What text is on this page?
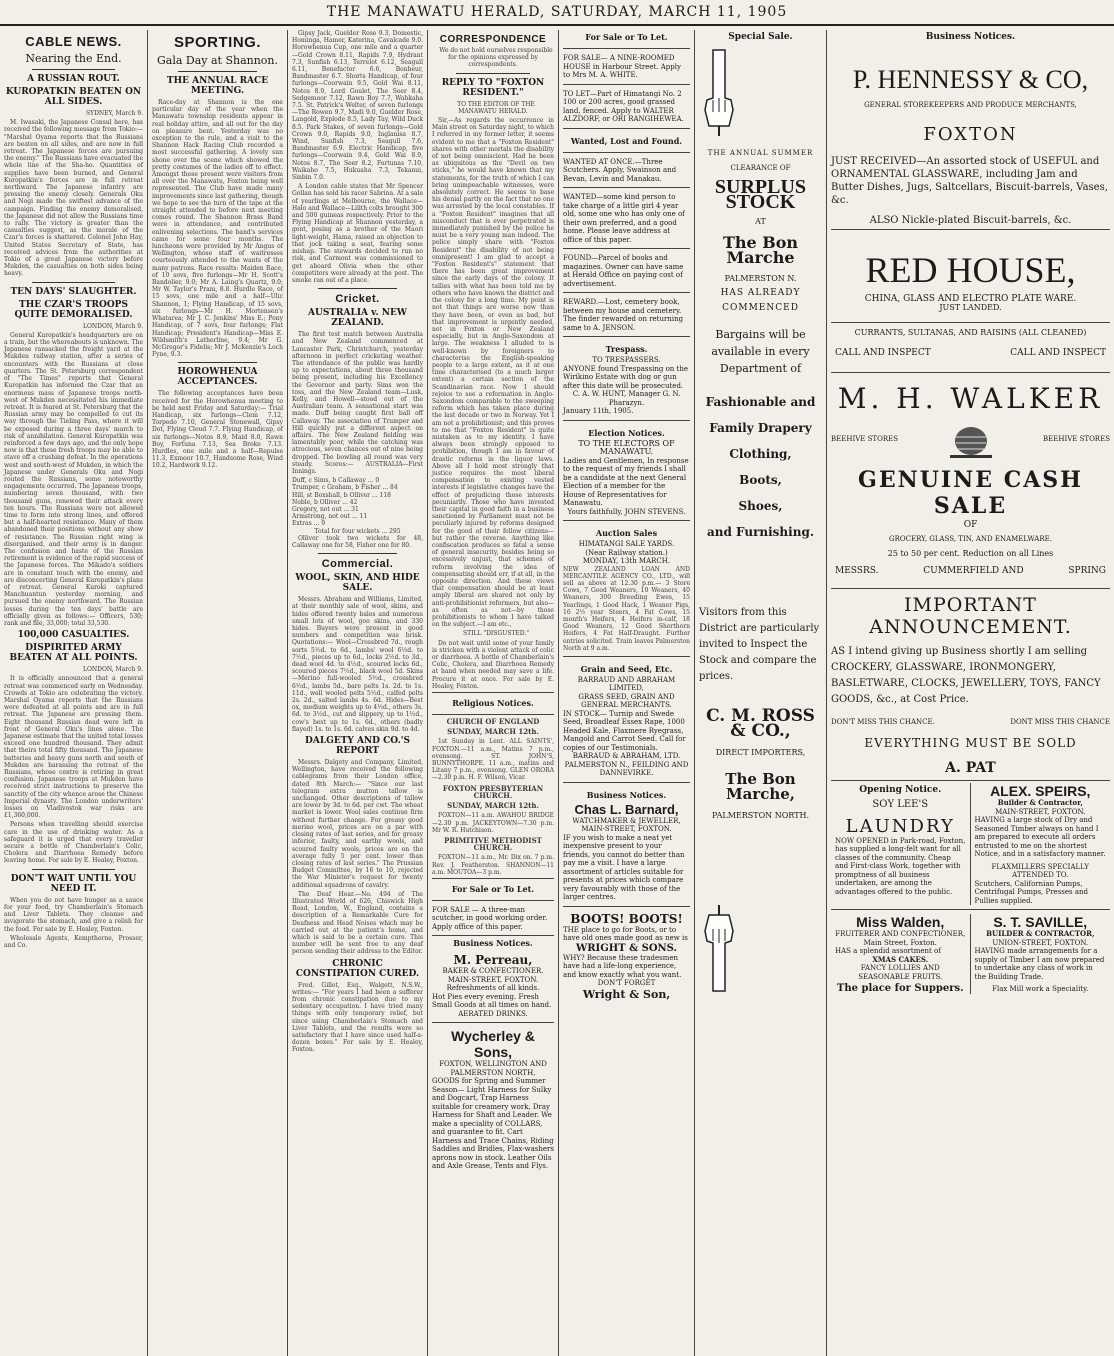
THE MANAWATU HERALD, SATURDAY, MARCH 11, 1905
CABLE NEWS.
Nearing the End.
A RUSSIAN ROUT.
KUROPATKIN BEATEN ON ALL SIDES.

SYDNEY, March 9.

M. Iwasaki, the Japanese Consul here, has received the following message from Tokio:— "Marshal Oyama reports that the Russians are beaten on all sides, and are now in full retreat. The Japanese forces are pursuing the enemy." The Russians have evacuated the whole line of the Sha-ho. Quantities of supplies have been burned, and General Kuropatkin's forces are in full retreat northward. The Japanese infantry are pressing the enemy closely. Generals Oku and Nogi made the swiftest advance of the campaign. Finding the enemy demoralised, the Japanese did not allow the Russians time to rally. The victory is greater than the casualties suggest, as the morale of the Czar's forces is shattered. Colonel John Hay, United States Secretary of State, has received advices from the authorities at Tokio of a great Japanese victory before Mukden, the casualties on both sides being heavy.

TEN DAYS' SLAUGHTER.
THE CZAR'S TROOPS QUITE DEMORALISED.

LONDON, March 9.

General Kuropatkin's headquarters are on a train, but the whereabouts is unknown. The Japanese ransacked the freight yard at the Mukden railway station, after a series of encounters with the Russians at close quarters. The St. Petersburg correspondent of "The Times" reports that General Kuropatkin has informed the Czar that an enormous mass of Japanese troops north-west of Mukden necessitated his immediate retreat. It is feared at St. Petersburg that the Russian army may be compelled to cut its way through the Tieling Pass, where it will be exposed during a three days' march to risk of annihilation. General Kuropatkin was reinforced a few days ago, and the only hope now is that these fresh troops may be able to stave off a crushing defeat. In the operations west and south-west of Mukden, in which the Japanese under Generals Oku and Nogi routed the Russians, some noteworthy engagements occurred. The Japanese troops, numbering seven thousand, with two thousand guns, renewed their attack every ten hours. The Russians were not allowed time to form into strong lines, and offered but a half-hearted resistance. Many of them abandoned their positions without any show of resistance. The Russian right wing is disorganised, and their army is in danger. The confusion and haste of the Russian retirement is evidence of the rapid success of the Japanese forces. The Mikado's soldiers are in constant touch with the enemy, and are disconcerting General Kuropatkin's plans of retreat. General Kuroki captured Manchuantun yesterday morning, and pursued the enemy northward. The Russian losses during the ten days' battle are officially given as follows:— Officers, 530; rank and file, 33,000; total 33,530.

100,000 CASUALTIES.
DISPIRITED ARMY BEATEN AT ALL POINTS.

LONDON, March 9.

It is officially announced that a general retreat was commenced early on Wednesday. Crowds at Tokio are celebrating the victory. Marshal Oyama reports that the Russians were defeated at all points and are in full retreat. The Japanese are pressing them. Eight thousand Russian dead were left in front of General Oku's lines alone. The Japanese estimate that the united total losses exceed one hundred thousand. They admit that theirs total fifty thousand. The Japanese batteries and heavy guns north and south of Mukden are harassing the retreat of the Russians, whose centre is retiring in great confusion. Japanese troops at Mukden have received strict instructions to preserve the sanctity of the city whence arose the Chinese Imperial dynasty. The London underwriters' losses on Vladivostok war risks are £1,360,000.

Persons when travelling should exercise care in the use of drinking water. As a safeguard it is urged that every traveller secure a bottle of Chamberlain's Colic, Cholera and Diarrhoea Remedy before leaving home. For sale by E. Healey, Foxton.

DON'T WAIT UNTIL YOU NEED IT.

When you do not have hunger as a sauce for your food, try Chamberlain's Stomach and Liver Tablets. They cleanse and invigorate the stomach, and give a relish for the food. For sale by E. Healey, Foxton.

Wholesale Agents, Kempthorne, Prosser, and Co.

SPORTING.
Gala Day at Shannon.
THE ANNUAL RACE MEETING.

Race-day at Shannon is the one particular day of the year when the Manawatu township residents appear in real holiday attire, and all out for the day on pleasure bent. Yesterday was no exception to the rule, and a visit to the Shannon Hack Racing Club recorded a most successful gathering. A lovely sun shone over the scene which showed the pretty costumes of the ladies off to effect. Amongst those present were visitors from all over the Manawatu, Foxton being well represented. The Club have made many improvements since last gathering, though we hope to see the turn of the tape at the straight attended to before next meeting comes round. The Shannon Brass Band were in attendance, and contributed enlivening selections. The band's services came for some four months. The luncheons were provided by Mr Angus of Wellington, whose staff of waitresses courteously attended to the wants of the many patrons. Race results: Maiden Race, of 10 sovs, five furlongs—Mr H. Scott's Bandolier, 9.0; Mr A. Laing's Quartz, 9.0; Mr W. Taylor's Pram, 8.8. Hurdle Race, of 15 sovs, one mile and a half—Ulic Shannon, 1; Flying Handicap, of 15 sovs, six furlongs—Mr H. Mortensen's Whatarea; Mr J. C. Jenkins' Miss E.; Pony Handicap, of 7 sovs, four furlongs; Flat Handicap; President's Handicap—Miss E. Wildsmith's Latherline, 9.4; Mr G. McGregor's Fidelis; Mr J. McKenzie's Loch Fyne, 9.3.

HOROWHENUA ACCEPTANCES.

The following acceptances have been received for the Horowhenua meeting to be held next Friday and Saturday:— Trial Handicap, six furlongs—Clem 7.12, Torpedo 7.10, General Stonewall, Gipsy Dot, Flying Cloud 7.7. Flying Handicap, of six furlongs—Notos 8.9, Maid 8.0, Rawn Boy, Fortuna 7.13, Sea Broke 7.13. Hurdles, one mile and a half—Repulse 11.3, Exmoor 10.7, Handsome Rose, Wind 10.2, Hardwork 9.12.

Gipsy Jack, Guelder Rose 9.3, Domestic, Hominga, Hamer, Katerina, Cavalcade 9.0. Horowhenua Cup, one mile and a quarter—Gold Crown 8.11, Rapids 7.9, Hydrant 7.3, Sunfish 6.13, Terrelot 6.12, Seagull 6.11, Benefactor 6.6, Bonheur, Bandmaster 6.7. Shorts Handicap, of four furlongs—Coorwain 9.5, Gold Wai 8.11, Notos 8.9, Lord Goulet, The Seer 8.4, Sedgemoor 7.12, Rawn Boy 7.7, Wahkaha 7.5. St. Patrick's Welter, of seven furlongs—The Rowen 9.7, Madi 9.0, Guelder Rose, Langold, Explode 8.5, Lady Tay, Wild Duck 8.5. Park Stakes, of seven furlongs—Gold Crown 9.0, Rapids 9.0, Inglanisa 8.7, Wind, Sunfish 7.3, Seagull 7.6, Bandmaster 6.9. Electric Handicap, five furlongs—Coorwain 9.4, Gold Wai 8.9, Notos 8.7, The Seer 8.2, Fortunas 7.10, Waikaho 7.5, Hukuaha 7.3, Tekanui, Sinbin 7.0.

A London cable states that Mr Spencer Gollan has sold his racer Sabrina. At a sale of yearlings at Melbourne, the Wallace—Halo and Wallace—Lilith colts brought 300 and 500 guineas respectively. Prior to the Flying Handicap at Shannon yesterday, a gent, posing as a brother of the Maori light-weight, Hama, raised an objection to that jock taking a seat, fearing some mishap. The stewards decided to run no risk, and Carmont was commissioned to get aboard Olivia when the other competitors were already at the post. The smoke ran out of a place.

Cricket.
AUSTRALIA v. NEW ZEALAND.

The first test match between Australia and New Zealand commenced at Lancaster Park, Christchurch, yesterday afternoon in perfect cricketing weather. The attendance of the public was hardly up to expectations, about three thousand being present, including his Excellency the Governor and party. Sims won the toss, and the New Zealand team—Lusk, Kelly, and Howell—stood out of the Australian team. A sensational start was made. Duff being caught first ball off Callaway. The association of Trumper and Hill quickly put a different aspect on affairs. The New Zealand fielding was lamentably poor, while the catching was atrocious, seven chances out of nine being dropped. The bowling all round was very steady. Scores:— AUSTRALIA—First Innings.

Duff, c Sims, b Callaway ... 0
Trumper, c Graham, b Fisher ... 84
Hill, st Boxshall, b Olliver ... 118
Noble, b Olliver ... 42
Gregory, not out ... 31
Armstrong, not out ... 11
Extras ... 9
Total for four wickets ... 295

Olliver took two wickets for 48, Callaway one for 58, Fisher one for 80.

Commercial.
WOOL, SKIN, AND HIDE SALE.

Messrs. Abraham and Williams, Limited, at their monthly sale of wool, skins, and hides offered twenty bales and numerous small lots of wool, goo skins, and 330 hides. Buyers were present in good numbers and competition was brisk. Quotations:— Wool—Crossbred 7d., rough sorts 5½d. to 6d., lambs' wool 6½d. to 7½d., pieces up to 6d., locks 2½d. to 3d., dead wool 4d. to 4½d., scoured locks 6d., scoured pieces 7½d., black wool 5d. Skins—Merino full-wooled 5½d., crossbred 6½d., lambs 5d., bare pelts 1s. 2d. to 1s. 11d., well wooled pelts 5½d., calfed pelts 2s. 2d., salted lambs 4s. 6d. Hides—Best ox, medium weights up to 4½d., others 3s. 6d. to 3½d., cut and slippery, up to 1½d., cow's best up to 1s. 6d., others (badly flayed) 1s. to 1s. 6d. calves skin 9d. to 4d.

DALGETY AND CO.'S REPORT

Messrs. Dalgety and Company, Limited, Wellington, have received the following cablegrams from their London office, dated 8th March:— "Since our last telegram extra mutton tallow is unchanged. Other descriptions of tallow are lower by 3d. to 6d. per cwt. The wheat market is lower. Wool sales continue firm without further change. For greasy good merino wool, prices are on a par with closing rates of last series, and for greasy inferior, faulty, and earthy wools, and scoured faulty wools, prices are on the average fully 5 per cent. lower than closing rates of last series." The Prussian Budget Committee, by 16 to 10, rejected the War Minister's request for twenty additional squadrons of cavalry.

The Deaf Hear.—No. 494 of The Illustrated World of 626, Chiswick High Road, London, W., England, contains a description of a Remarkable Cure for Deafness and Head Noises which may be carried out at the patient's home, and which is said to be a certain cure. This number will be sent free to any deaf person sending their address to the Editor.

CHRONIC CONSTIPATION CURED.

Fred. Gillet, Esq., Walgett, N.S.W., writes:— "For years I had been a sufferer from chronic constipation due to my sedentary occupation. I have tried many things with only temporary relief, but since using Chamberlain's Stomach and Liver Tablets, and the results were so satisfactory that I have since used half-a-dozen boxes." For sale by E. Healey, Foxton.

CORRESPONDENCE

We do not hold ourselves responsible for the opinions expressed by correspondents.

REPLY TO "FOXTON RESIDENT."

TO THE EDITOR OF THE MANAWATU HERALD.

Sir,—As regards the occurrence in Main street on Saturday night, to which I referred in my former letter, it seems evident to me that a "Foxton Resident" shares with other mortals the disability of not being omniscient. Had he been as ubiquitous as the "Devil on two sticks," he would have known that my statements, for the truth of which I can bring unimpeachable witnesses, were absolutely correct. He seems to base his denial partly on the fact that no one was arrested by the local constables. If a "Foxton Resident" imagines that all misconduct that is ever perpetrated is immediately punished by the police he must be a very young man indeed. The police simply share with "Foxton Resident" the disability of not being omnipresent! I am glad to accept a "Foxton Resident's" statement that there has been great improvement since the early days of the colony. It tallies with what has been told me by others who have known the district and the colony for a long time. My point is not that things are worse now than they have been, or even as bad, but that improvement is urgently needed, not in Foxton or New Zealand especially, but in Anglo-Saxondom at large. The weakness I alluded to is well-known by foreigners to characterise the English-speaking people to a large extent, as it at one time characterised (to a much larger extent) a certain section of the Scandinavian race. Now I should rejoice to see a reformation in Anglo-Saxondom comparable to the sweeping reform which has taken place during the last decade or two in Norway. Yet I am not a prohibitionist; and this proves to me that "Foxton Resident" is quite mistaken as to my identity. I have always been strongly opposed to prohibition, though I am in favour of drastic reforms in the liquor laws. Above all I hold most strongly that justice requires the most liberal compensation to existing vested interests if legislative changes have the effect of prejudicing those interests pecuniarily. Those who have invested their capital in good faith in a business sanctioned by Parliament must not be peculiarly injured by reforms designed for the good of their fellow citizens—but rather the reverse. Anything like confiscation produces so fatal a sense of general insecurity, besides being so excessively unjust, that schemes of reform involving the idea of compensating should err, if at all, in the opposite direction. And these views that compensation should be at least amply liberal are shared not only by anti-prohibitionist reformers, but also—as often as not—by those prohibitionists to whom I have talked on the subject.—I am etc.,

STILL "DISGUSTED."

Do not wait until some of your family is stricken with a violent attack of colic or diarrhoea. A bottle of Chamberlain's Colic, Cholera, and Diarrhoea Remedy at hand when needed may save a life. Procure it at once. For sale by E. Healey, Foxton.

Religious Notices.
CHURCH OF ENGLAND
SUNDAY, MARCH 12th.

1st Sunday in Lent. ALL SAINTS', FOXTON.—11 a.m., Matins 7 p.m., evensong. ST. JOHN'S, BUNNYTHORPE. 11 a.m., matins and Litany 7 p.m., evensong. GLEN ORORA—2.30 p.m. H. F. Wilson, Vicar.

FOXTON PRESBYTERIAN CHURCH.
SUNDAY, MARCH 12th.

FOXTON—11 a.m. AWAHOU BRIDGE—2.30 p.m. JACKEYTOWN—7.30 p.m. Mr W. R. Hutchison.

PRIMITIVE METHODIST CHURCH.

FOXTON—11 a.m., Mr. Dix on. 7 p.m. Rev. J. Featherston. SHANNON—11 a.m. MOUTOA—3 p.m.

For Sale or To Let.
FOR SALE — A three-man scutcher, in good working order. Apply office of this paper.
Business Notices.
M. Perreau,
BAKER & CONFECTIONER.
MAIN-STREET, FOXTON.
Refreshments of all kinds.
Hot Pies every evening. Fresh Small Goods at all times on hand.
AERATED DRINKS.
Wycherley & Sons,
FOXTON, WELLINGTON AND PALMERSTON NORTH,
GOODS for Spring and Summer Season— Light Harness for Sulky and Dogcart, Trap Harness suitable for creamery work, Dray Harness for Shaft and Leader. We make a speciality of COLLARS, and guarantee to fit. Cart Harness and Trace Chains, Riding Saddles and Bridles, Flax-washers aprons now in stock. Leather Oils and Axle Grease, Tents and Flys.
For Sale or To Let.
FOR SALE— A NINE-ROOMED HOUSE in Harbour Street. Apply to Mrs M. A. WHITE.
TO LET—Part of Himatangi No. 2 100 or 200 acres, good grassed land, fenced. Apply to WALTER ALZDORF, or ORI RANGIHEWEA.
Wanted, Lost and Found.
WANTED AT ONCE.—Three Scutchers. Apply, Swainson and Bevan, Levin and Manakau.
WANTED—some kind person to take charge of a little girl 4 year old, some one who has only one of their own preferred, and a good home. Please leave address at office of this paper.
FOUND—Parcel of books and magazines. Owner can have same at Herald Office on paying cost of advertisement.
REWARD.—Lost, cemetery book, between my house and cemetery. The finder rewarded on returning same to A. JENSON.
Trespass.
TO TRESPASSERS.
ANYONE found Trespassing on the Wirikino Estate with dog or gun after this date will be prosecuted.
C. A. W. HUNT, Manager G. N. Pharazyn.
January 11th, 1905.
Election Notices.
TO THE ELECTORS OF MANAWATU.
Ladies and Gentlemen, In response to the request of my friends I shall be a candidate at the next General Election of a member for the House of Representatives for Manawatu.
Yours faithfully, JOHN STEVENS.
Auction Sales
HIMATANGI SALE YARDS.
(Near Railway station.)
MONDAY, 13th MARCH.
NEW ZEALAND LOAN AND MERCANTILE AGENCY CO., LTD., will sell as above at 12.30 p.m.— 3 Store Cows, 7 Good Weaners, 10 Weaners, 40 Weaners, 300 Breeding Ewes, 15 Yearlings, 1 Good Hack, 1 Weaner Pigs, 16 2½ year Steers, 4 Fat Cows, 15 month's Heifers, 4 Heifers in-calf, 18 Good Weaners, 12 Good Shorthorn Heifers, 4 Fat Half-Draught. Further entries solicited. Train leaves Palmerston North at 9 a.m.
Grain and Seed, Etc.
BARRAUD AND ABRAHAM LIMITED,
GRASS SEED, GRAIN AND GENERAL MERCHANTS.
IN STOCK— Turnip and Swede Seed, Broadleaf Essex Rape, 1000 Headed Kale, Flaxmere Ryegrass, Mangold and Carrot Seed. Call for copies of our Testimonials.
BARRAUD & ABRAHAM, LTD. PALMERSTON N., FEILDING AND DANNEVIRKE.
Business Notices.
Chas L. Barnard,
WATCHMAKER & JEWELLER,
MAIN-STREET, FOXTON.
IF you wish to make a neat yet inexpensive present to your friends, you cannot do better than pay me a visit. I have a large assortment of articles suitable for presents at prices which compare very favourably with those of the larger centres.
BOOTS! BOOTS!
THE place to go for Boots, or to have old ones made good as new is
WRIGHT & SONS.
WHY? Because these tradesmen have had a life-long experience, and know exactly what you want.
DON'T FORGET
Wright & Son,
Special Sale.
THE ANNUAL SUMMER
CLEARANCE OF
SURPLUS STOCK
AT
The Bon Marche
PALMERSTON N.
HAS ALREADY
COMMENCED
Bargains will be available in every Department of
Fashionable and
Family Drapery
Clothing,
Boots,
Shoes,
and Furnishing.
Visitors from this District are particularly invited to Inspect the Stock and compare the prices.
C. M. ROSS & CO.,
DIRECT IMPORTERS,
The Bon Marche,
PALMERSTON NORTH.
Business Notices.
P. HENNESSY & CO,
GENERAL STOREKEEPERS AND PRODUCE MERCHANTS,
FOXTON
JUST RECEIVED—An assorted stock of USEFUL and ORNAMENTAL GLASSWARE, including Jam and Butter Dishes, Jugs, Saltcellars, Biscuit-barrels, Vases, &c.
ALSO Nickle-plated Biscuit-barrels, &c.
RED HOUSE,
CHINA, GLASS AND ELECTRO PLATE WARE.
JUST LANDED.
CURRANTS, SULTANAS, AND RAISINS (ALL CLEANED)
CALL AND INSPECT	CALL AND INSPECT
M. H. WALKER
BEEHIVE STORES	BEEHIVE STORES
GENUINE CASH SALE
OF
GROCERY, GLASS, TIN, AND ENAMELWARE.
25 to 50 per cent. Reduction on all Lines
MESSRS.	CUMMERFIELD AND	SPRING
IMPORTANT ANNOUNCEMENT.
AS I intend giving up Business shortly I am selling CROCKERY, GLASSWARE, IRONMONGERY, BASLETWARE, CLOCKS, JEWELLERY, TOYS, FANCY GOODS, &c., at Cost Price.
DON'T MISS THIS CHANCE.	DONT MISS THIS CHANCE
EVERYTHING MUST BE SOLD
A. PAT
Opening Notice.
SOY LEE'S
LAUNDRY
NOW OPENED in Park-road, Foxton, has supplied a long-felt want for all classes of the community. Cheap and First-class Work, together with promptness of all business undertaken, are among the advantages offered to the public.
ALEX. SPEIRS,
Builder & Contractor,
MAIN-STREET, FOXTON.
HAVING a large stock of Dry and Seasoned Timber always on hand I am prepared to execute all orders entrusted to me on the shortest Notice, and in a satisfactory manner.
FLAXMILLERS SPECIALLY ATTENDED TO.
Scutchers, Californian Pumps, Centrifugal Pumps, Presses and Pullies supplied.
Miss Walden,
FRUITERER AND CONFECTIONER, Main Street, Foxton.
HAS a splendid assortment of
XMAS CAKES.
FANCY LOLLIES AND SEASONABLE FRUITS.
The place for Suppers.
S. T. SAVILLE,
BUILDER & CONTRACTOR,
UNION-STREET, FOXTON.
HAVING made arrangements for a supply of Timber I am now prepared to undertake any class of work in the Building Trade.
Flax Mill work a Speciality.
